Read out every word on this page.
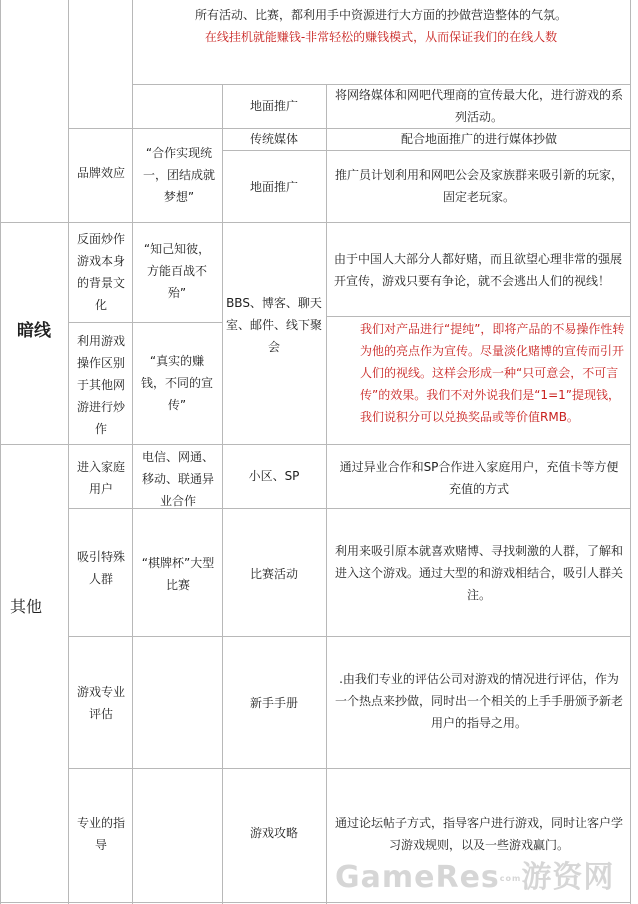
所有活动、比赛，都利用手中资源进行大方面的抄做营造整体的气氛。
在线挂机就能赚钱-非常轻松的赚钱模式，从而保证我们的在线人数
品牌效应
“合作实现统一，团结成就梦想”
地面推广
将网络媒体和网吧代理商的宣传最大化，进行游戏的系列活动。
传统媒体	配合地面推广的进行媒体抄做
地面推广
推广员计划利用和网吧公会及家族群来吸引新的玩家，固定老玩家。
暗线
反面炒作游戏本身的背景文化
“知己知彼，方能百战不殆”
由于中国人大部分人都好赌，而且欲望心理非常的强展开宣传，游戏只要有争论，就不会逃出人们的视线！
BBS、博客、聊天室、邮件、线下聚会
利用游戏操作区别于其他网游进行炒作
“真实的赚钱，不同的宣传”
我们对产品进行“提纯”，即将产品的不易操作性转为他的亮点作为宣传。尽量淡化赌博的宣传而引开人们的视线。这样会形成一种“只可意会，不可言传”的效果。我们不对外说我们是“1=1”提现钱，我们说积分可以兑换奖品或等价值RMB。
其他
进入家庭用户
电信、网通、移动、联通异业合作
小区、SP
通过异业合作和SP合作进入家庭用户，充值卡等方便充值的方式
吸引特殊人群
“棋牌杯”大型比赛
比赛活动
利用来吸引原本就喜欢赌博、寻找刺激的人群，了解和进入这个游戏。通过大型的和游戏相结合，吸引人群关注。
游戏专业评估
新手手册
.由我们专业的评估公司对游戏的情况进行评估，作为一个热点来抄做，同时出一个相关的上手手册颁予新老用户的指导之用。
专业的指导
游戏攻略
通过论坛帖子方式，指导客户进行游戏，同时让客户学习游戏规则，以及一些游戏赢门。
GameRescom游资网
